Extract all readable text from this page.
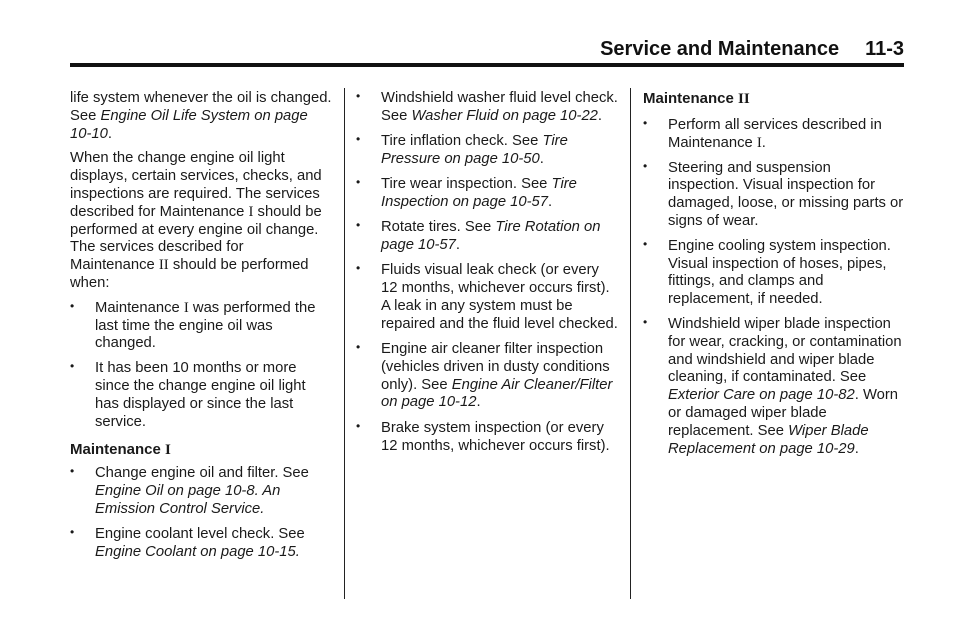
Service and Maintenance 11-3

life system whenever the oil is changed. See Engine Oil Life System on page 10-10.

When the change engine oil light displays, certain services, checks, and inspections are required. The services described for Maintenance I should be performed at every engine oil change.

The services described for Maintenance II should be performed when:

• Maintenance I was performed the last time the engine oil was changed.
• It has been 10 months or more since the change engine oil light has displayed or since the last service.
Maintenance I
• Change engine oil and filter. See Engine Oil on page 10-8. An Emission Control Service.
• Engine coolant level check. See Engine Coolant on page 10-15.
• Windshield washer fluid level check. See Washer Fluid on page 10-22.
• Tire inflation check. See Tire Pressure on page 10-50.
• Tire wear inspection. See Tire Inspection on page 10-57.
• Rotate tires. See Tire Rotation on page 10-57.
• Fluids visual leak check (or every 12 months, whichever occurs first). A leak in any system must be repaired and the fluid level checked.
• Engine air cleaner filter inspection (vehicles driven in dusty conditions only). See Engine Air Cleaner/Filter on page 10-12.
• Brake system inspection (or every 12 months, whichever occurs first).
Maintenance II
• Perform all services described in Maintenance I.
• Steering and suspension inspection. Visual inspection for damaged, loose, or missing parts or signs of wear.
• Engine cooling system inspection. Visual inspection of hoses, pipes, fittings, and clamps and replacement, if needed.
• Windshield wiper blade inspection for wear, cracking, or contamination and windshield and wiper blade cleaning, if contaminated. See Exterior Care on page 10-82. Worn or damaged wiper blade replacement. See Wiper Blade Replacement on page 10-29.
